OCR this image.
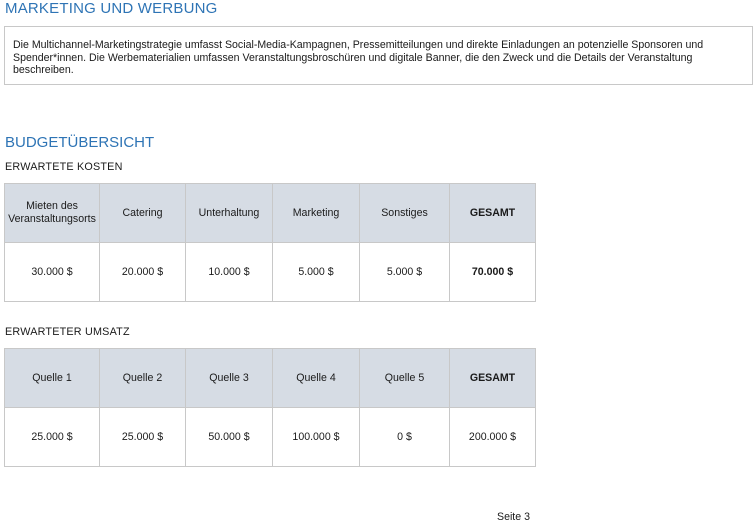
MARKETING UND WERBUNG
Die Multichannel-Marketingstrategie umfasst Social-Media-Kampagnen, Pressemitteilungen und direkte Einladungen an potenzielle Sponsoren und Spender*innen. Die Werbematerialien umfassen Veranstaltungsbroschüren und digitale Banner, die den Zweck und die Details der Veranstaltung beschreiben.
BUDGETÜBERSICHT
ERWARTETE KOSTEN
Mieten des Veranstaltungsorts	Catering	Unterhaltung	Marketing	Sonstiges	GESAMT
30.000 $	20.000 $	10.000 $	5.000 $	5.000 $	70.000 $
ERWARTETER UMSATZ
Quelle 1	Quelle 2	Quelle 3	Quelle 4	Quelle 5	GESAMT
25.000 $	25.000 $	50.000 $	100.000 $	0 $	200.000 $
Seite 3
